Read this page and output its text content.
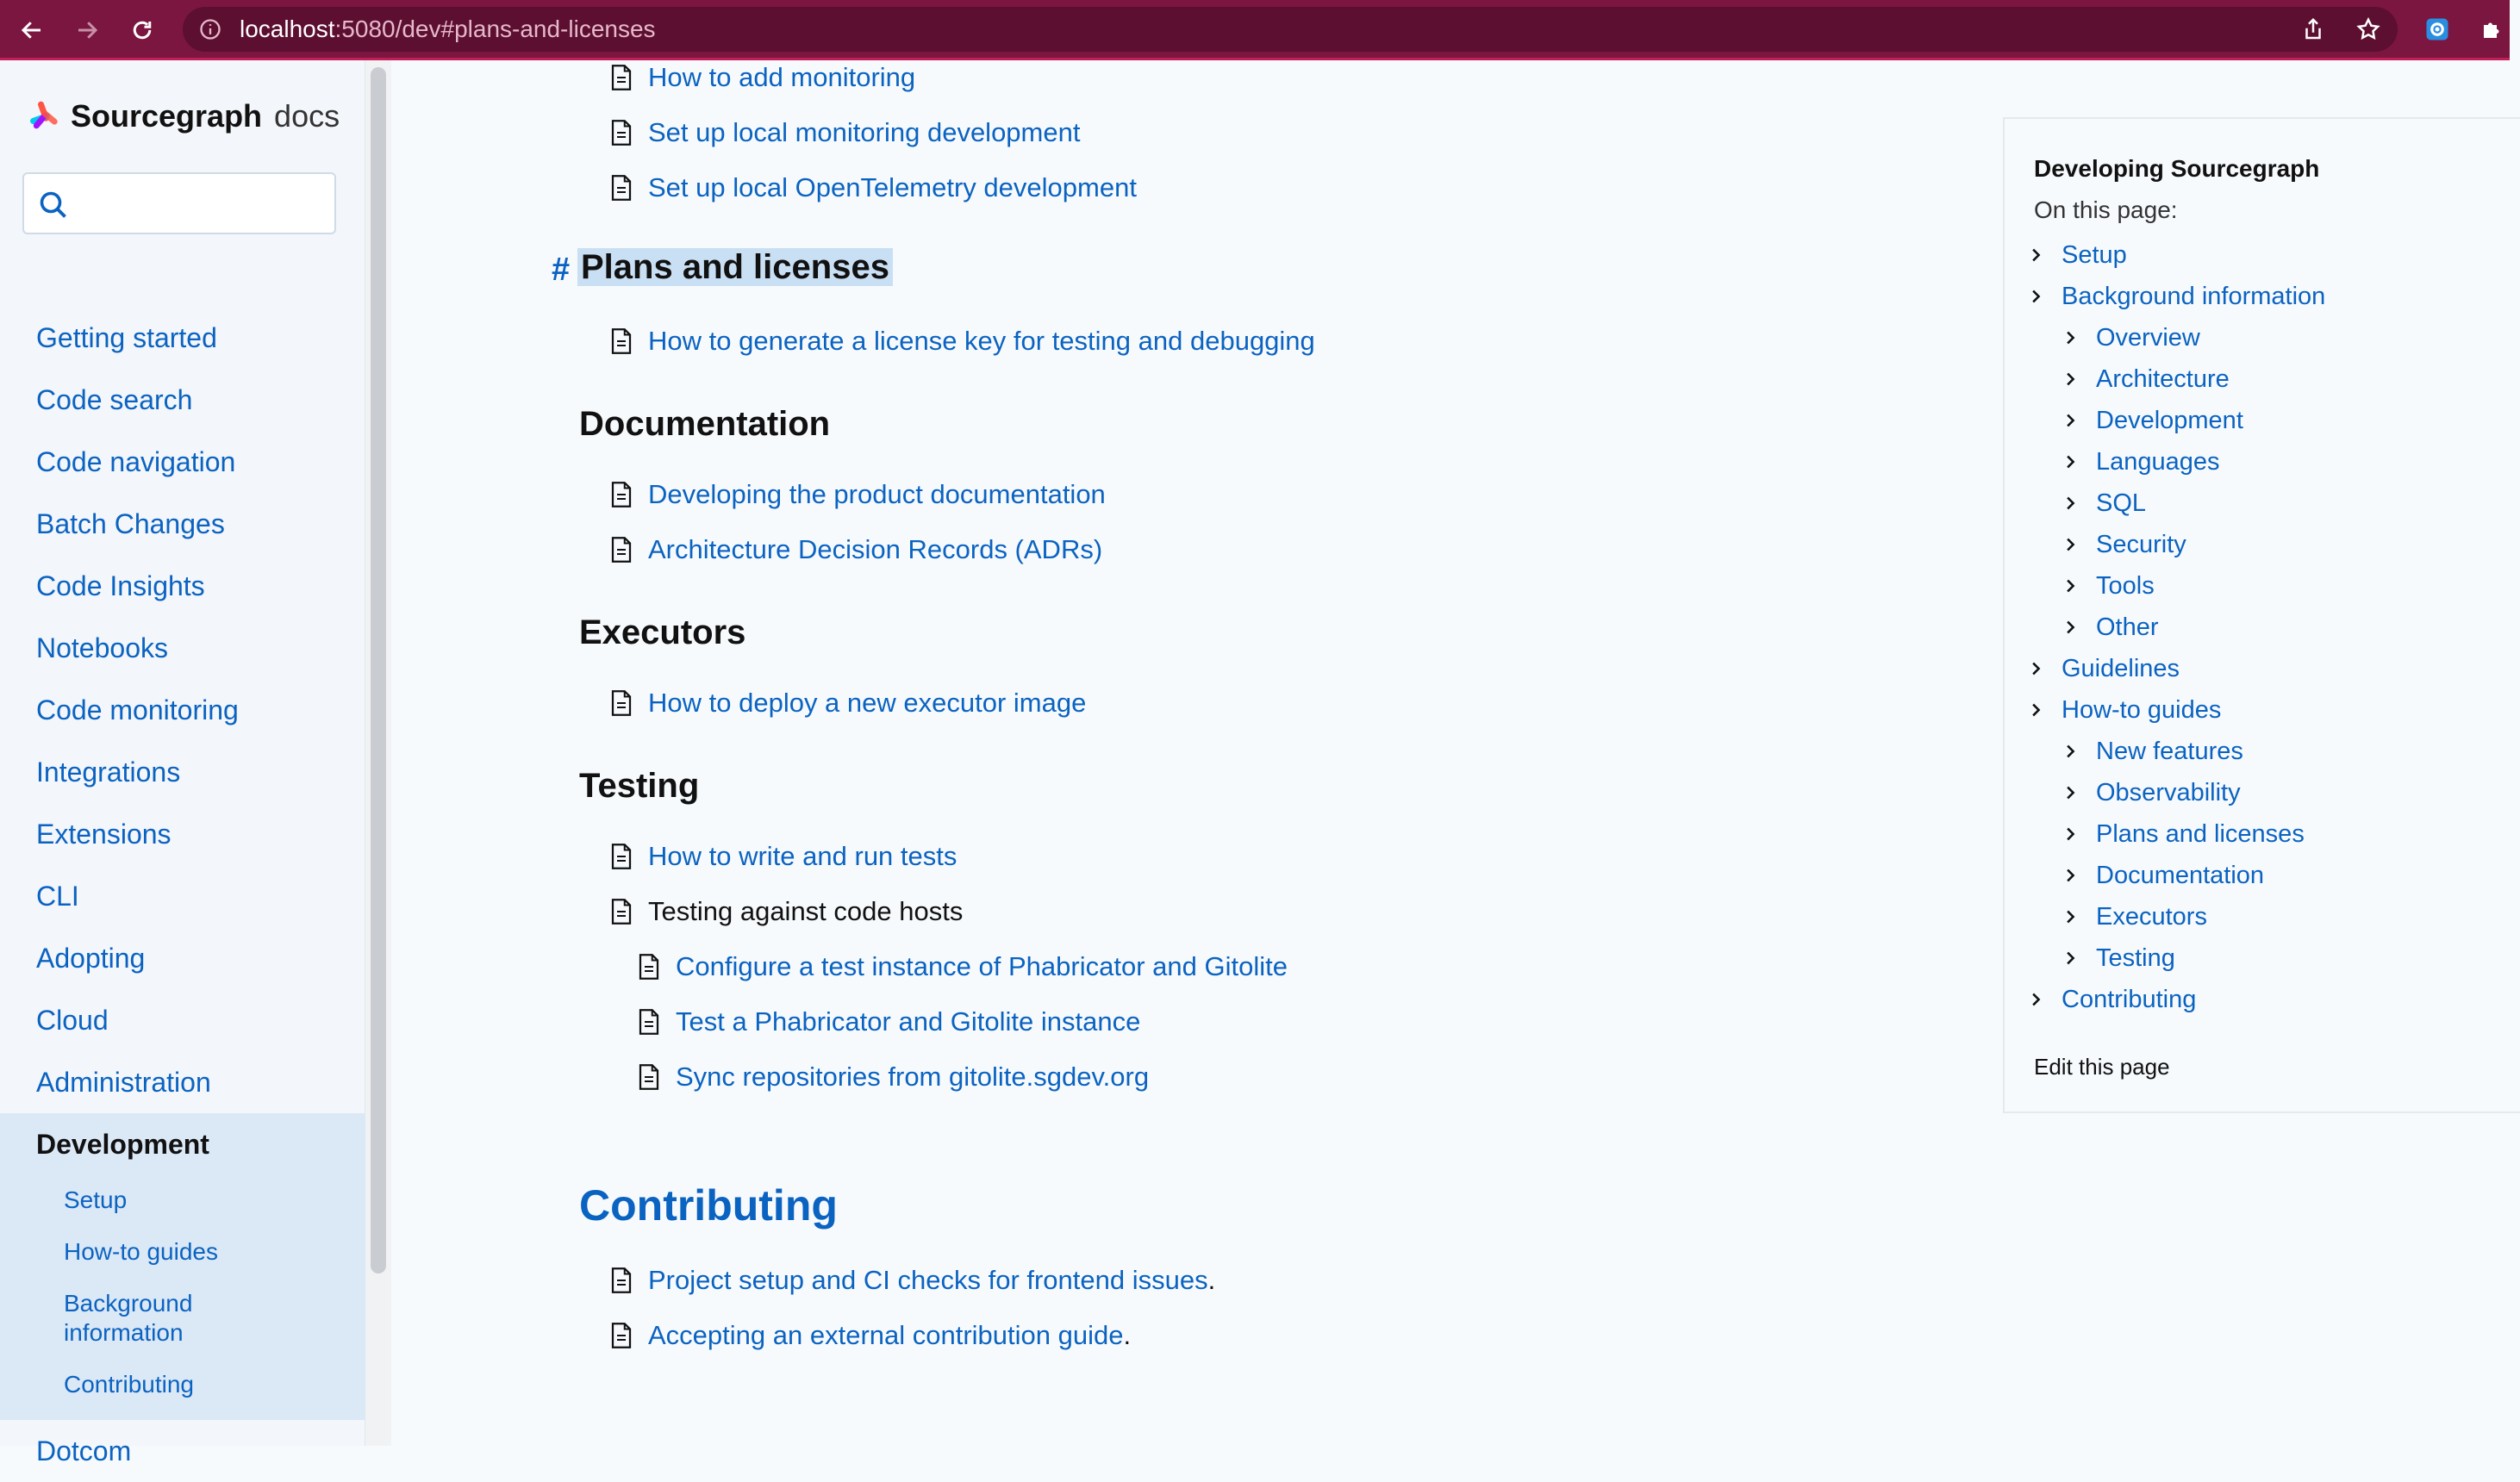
localhost:5080/dev#plans-and-licenses
Sourcegraph docs
Getting started
Code search
Code navigation
Batch Changes
Code Insights
Notebooks
Code monitoring
Integrations
Extensions
CLI
Adopting
Cloud
Administration
Development
Setup
How-to guides
Background information
Contributing
Dotcom
How to add monitoring
Set up local monitoring development
Set up local OpenTelemetry development
# Plans and licenses
How to generate a license key for testing and debugging
Documentation
Developing the product documentation
Architecture Decision Records (ADRs)
Executors
How to deploy a new executor image
Testing
How to write and run tests
Testing against code hosts
Configure a test instance of Phabricator and Gitolite
Test a Phabricator and Gitolite instance
Sync repositories from gitolite.sgdev.org
Contributing
Project setup and CI checks for frontend issues .
Accepting an external contribution guide .
Developing Sourcegraph
On this page:
Setup
Background information
Overview
Architecture
Development
Languages
SQL
Security
Tools
Other
Guidelines
How-to guides
New features
Observability
Plans and licenses
Documentation
Executors
Testing
Contributing
Edit this page
